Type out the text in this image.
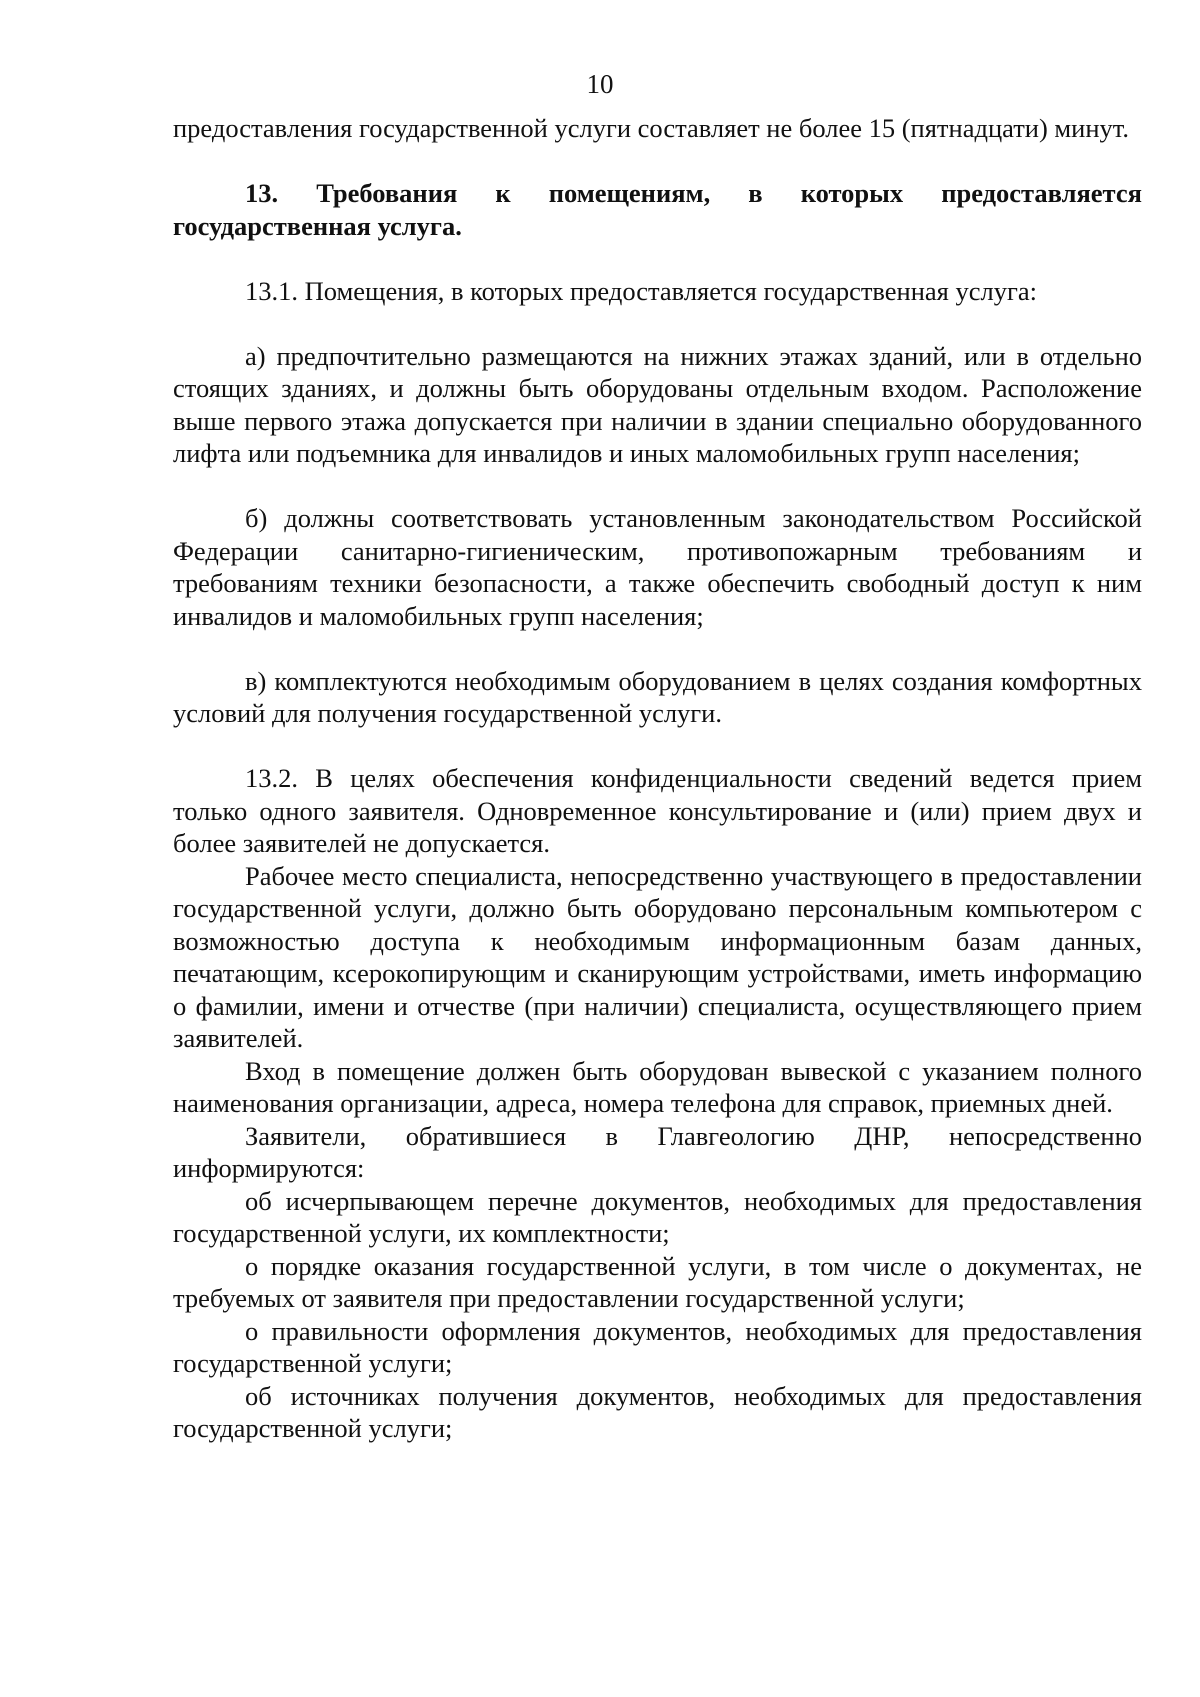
10

предоставления государственной услуги составляет не более 15 (пятнадцати) минут.

13. Требования к помещениям, в которых предоставляется государственная услуга.

13.1. Помещения, в которых предоставляется государственная услуга:

а) предпочтительно размещаются на нижних этажах зданий, или в отдельно стоящих зданиях, и должны быть оборудованы отдельным входом. Расположение выше первого этажа допускается при наличии в здании специально оборудованного лифта или подъемника для инвалидов и иных маломобильных групп населения;

б) должны соответствовать установленным законодательством Российской Федерации санитарно-гигиеническим, противопожарным требованиям и требованиям техники безопасности, а также обеспечить свободный доступ к ним инвалидов и маломобильных групп населения;

в) комплектуются необходимым оборудованием в целях создания комфортных условий для получения государственной услуги.

13.2. В целях обеспечения конфиденциальности сведений ведется прием только одного заявителя. Одновременное консультирование и (или) прием двух и более заявителей не допускается.

Рабочее место специалиста, непосредственно участвующего в предоставлении государственной услуги, должно быть оборудовано персональным компьютером с возможностью доступа к необходимым информационным базам данных, печатающим, ксерокопирующим и сканирующим устройствами, иметь информацию о фамилии, имени и отчестве (при наличии) специалиста, осуществляющего прием заявителей.

Вход в помещение должен быть оборудован вывеской с указанием полного наименования организации, адреса, номера телефона для справок, приемных дней.

Заявители, обратившиеся в Главгеологию ДНР, непосредственно информируются:

об исчерпывающем перечне документов, необходимых для предоставления государственной услуги, их комплектности;

о порядке оказания государственной услуги, в том числе о документах, не требуемых от заявителя при предоставлении государственной услуги;

о правильности оформления документов, необходимых для предоставления государственной услуги;

об источниках получения документов, необходимых для предоставления государственной услуги;
